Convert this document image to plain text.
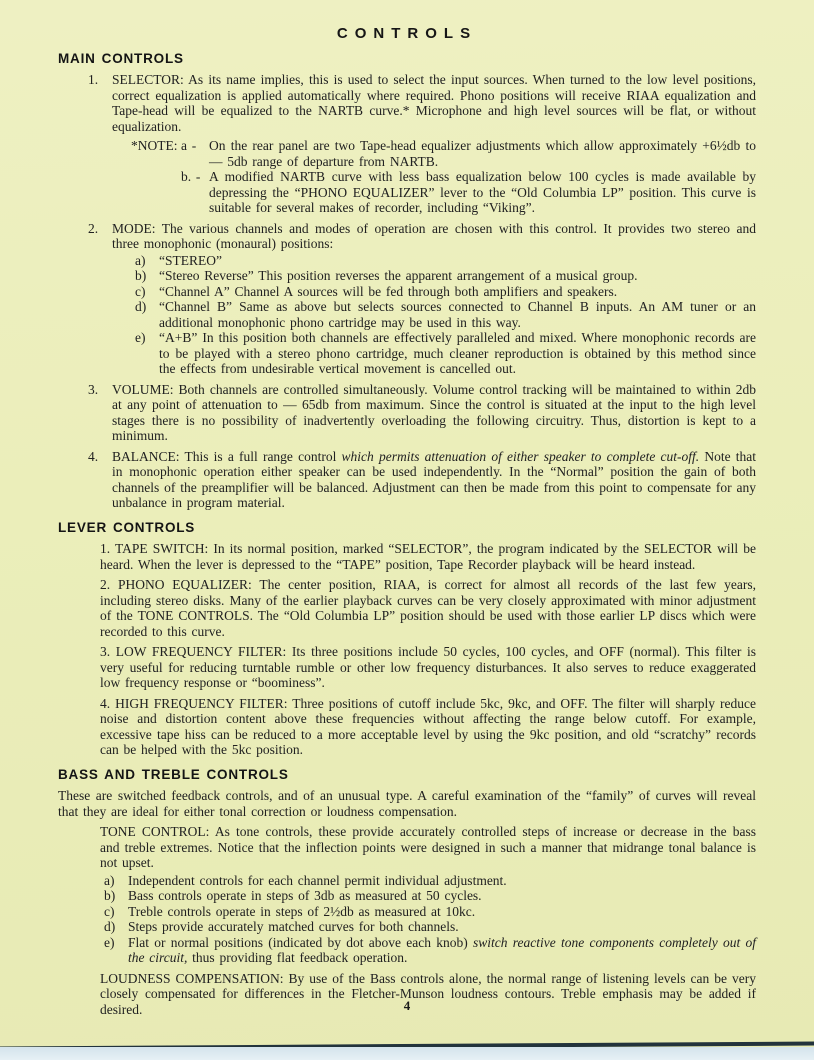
CONTROLS
MAIN CONTROLS
1.	SELECTOR: As its name implies, this is used to select the input sources. When turned to the low level positions, correct equalization is applied automatically where required. Phono positions will receive RIAA equalization and Tape-head will be equalized to the NARTB curve.* Microphone and high level sources will be flat, or without equalization.
*NOTE: a - On the rear panel are two Tape-head equalizer adjustments which allow approximately +6½db to — 5db range of departure from NARTB.
b. - A modified NARTB curve with less bass equalization below 100 cycles is made available by depressing the “PHONO EQUALIZER” lever to the “Old Columbia LP” position. This curve is suitable for several makes of recorder, including “Viking”.
2.	MODE: The various channels and modes of operation are chosen with this control. It provides two stereo and three monophonic (monaural) positions:
a)	“STEREO”
b) “Stereo Reverse” This position reverses the apparent arrangement of a musical group.
c)	“Channel A” Channel A sources will be fed through both amplifiers and speakers.
d) “Channel B” Same as above but selects sources connected to Channel B inputs. An AM tuner or an additional monophonic phono cartridge may be used in this way.
e)	“A+B” In this position both channels are effectively paralleled and mixed. Where monophonic records are to be played with a stereo phono cartridge, much cleaner reproduction is obtained by this method since the effects from undesirable vertical movement is cancelled out.
3.	VOLUME: Both channels are controlled simultaneously. Volume control tracking will be maintained to within 2db at any point of attenuation to — 65db from maximum. Since the control is situated at the input to the high level stages there is no possibility of inadvertently overloading the following circuitry. Thus, distortion is kept to a minimum.
4.	BALANCE: This is a full range control which permits attenuation of either speaker to complete cut-off. Note that in monophonic operation either speaker can be used independently. In the “Normal” position the gain of both channels of the preamplifier will be balanced. Adjustment can then be made from this point to compensate for any unbalance in program material.
LEVER CONTROLS
1. TAPE SWITCH: In its normal position, marked “SELECTOR”, the program indicated by the SELECTOR will be heard. When the lever is depressed to the “TAPE” position, Tape Recorder playback will be heard instead.
2. PHONO EQUALIZER: The center position, RIAA, is correct for almost all records of the last few years, including stereo disks. Many of the earlier playback curves can be very closely approximated with minor adjustment of the TONE CONTROLS. The “Old Columbia LP” position should be used with those earlier LP discs which were recorded to this curve.
3. LOW FREQUENCY FILTER: Its three positions include 50 cycles, 100 cycles, and OFF (normal). This filter is very useful for reducing turntable rumble or other low frequency disturbances. It also serves to reduce exaggerated low frequency response or “boominess”.
4. HIGH FREQUENCY FILTER: Three positions of cutoff include 5kc, 9kc, and OFF. The filter will sharply reduce noise and distortion content above these frequencies without affecting the range below cutoff. For example, excessive tape hiss can be reduced to a more acceptable level by using the 9kc position, and old “scratchy” records can be helped with the 5kc position.
BASS AND TREBLE CONTROLS
These are switched feedback controls, and of an unusual type. A careful examination of the “family” of curves will reveal that they are ideal for either tonal correction or loudness compensation.
TONE CONTROL: As tone controls, these provide accurately controlled steps of increase or decrease in the bass and treble extremes. Notice that the inflection points were designed in such a manner that midrange tonal balance is not upset.
a)	Independent controls for each channel permit individual adjustment.
b) Bass controls operate in steps of 3db as measured at 50 cycles.
c)	Treble controls operate in steps of 2½db as measured at 10kc.
d) Steps provide accurately matched curves for both channels.
e)	Flat or normal positions (indicated by dot above each knob) switch reactive tone components completely out of the circuit, thus providing flat feedback operation.
LOUDNESS COMPENSATION: By use of the Bass controls alone, the normal range of listening levels can be very closely compensated for differences in the Fletcher-Munson loudness contours. Treble emphasis may be added if desired.	4
